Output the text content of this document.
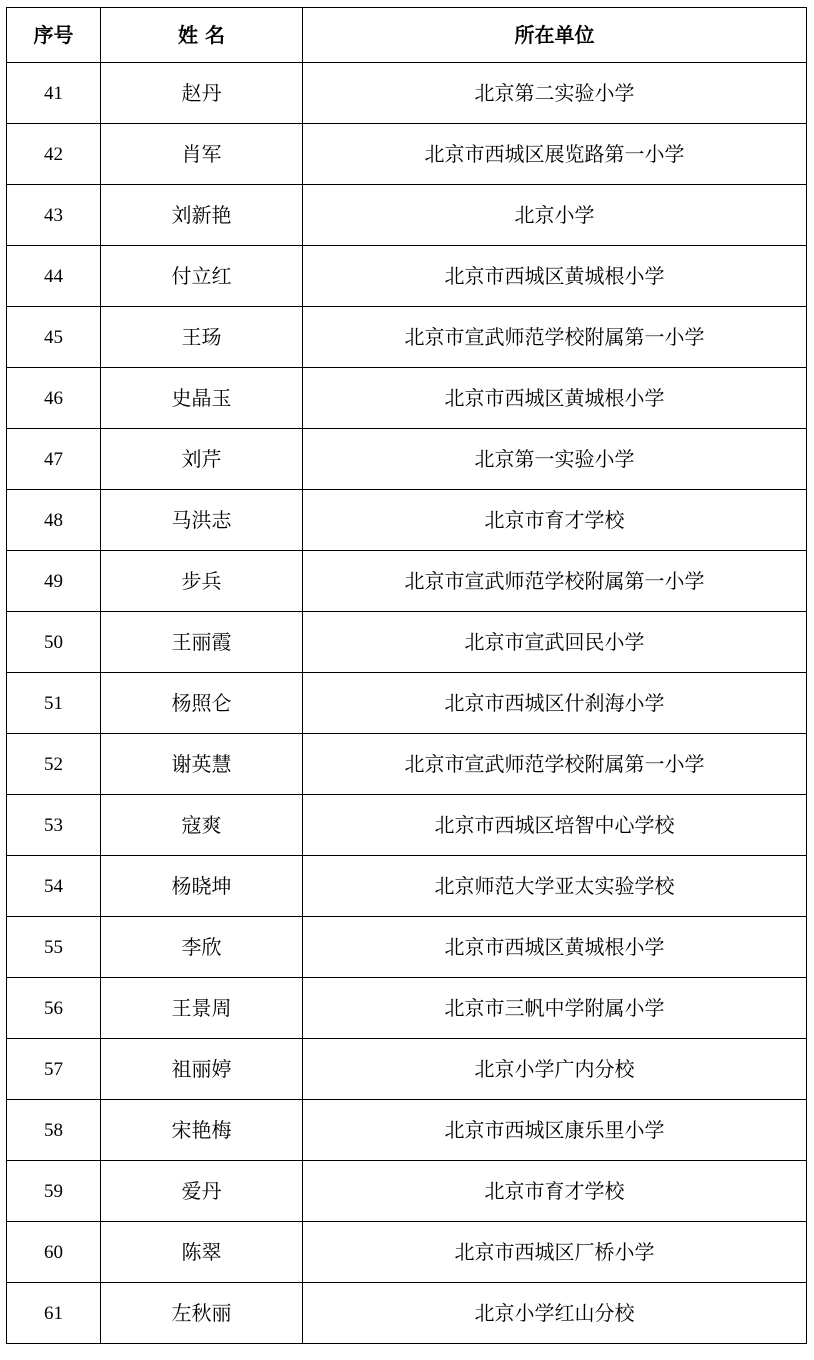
序号	姓 名	所在单位
41	赵丹	北京第二实验小学
42	肖军	北京市西城区展览路第一小学
43	刘新艳	北京小学
44	付立红	北京市西城区黄城根小学
45	王玚	北京市宣武师范学校附属第一小学
46	史晶玉	北京市西城区黄城根小学
47	刘芹	北京第一实验小学
48	马洪志	北京市育才学校
49	步兵	北京市宣武师范学校附属第一小学
50	王丽霞	北京市宣武回民小学
51	杨照仑	北京市西城区什刹海小学
52	谢英慧	北京市宣武师范学校附属第一小学
53	寇爽	北京市西城区培智中心学校
54	杨晓坤	北京师范大学亚太实验学校
55	李欣	北京市西城区黄城根小学
56	王景周	北京市三帆中学附属小学
57	祖丽婷	北京小学广内分校
58	宋艳梅	北京市西城区康乐里小学
59	爱丹	北京市育才学校
60	陈翠	北京市西城区厂桥小学
61	左秋丽	北京小学红山分校
